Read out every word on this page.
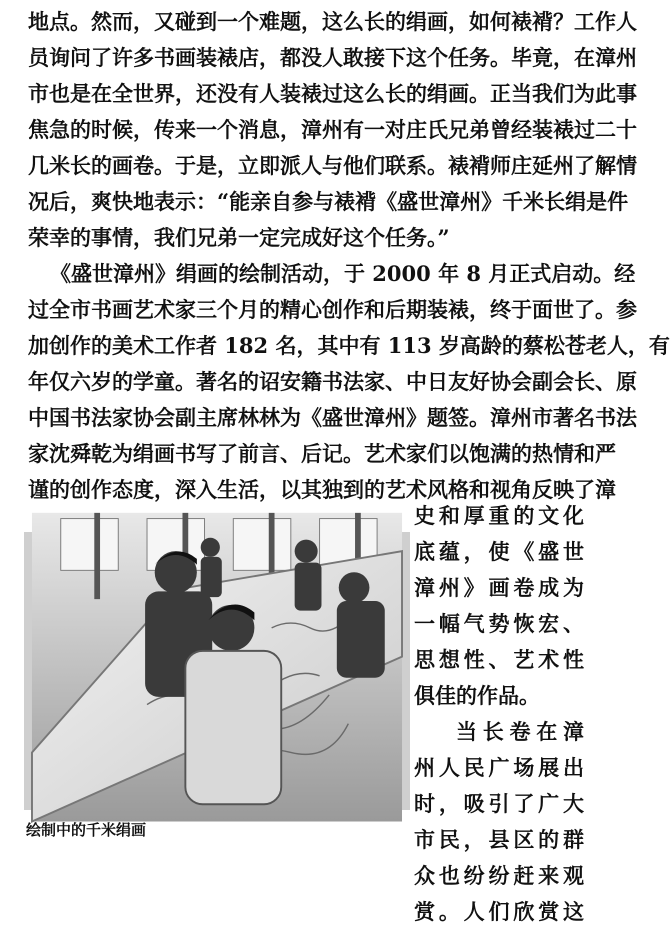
地点。然而，又碰到一个难题，这么长的绢画，如何裱褙？工作人
员询问了许多书画装裱店，都没人敢接下这个任务。毕竟，在漳州
市也是在全世界，还没有人装裱过这么长的绢画。正当我们为此事
焦急的时候，传来一个消息，漳州有一对庄氏兄弟曾经装裱过二十
几米长的画卷。于是，立即派人与他们联系。裱褙师庄延州了解情
况后，爽快地表示：“能亲自参与裱褙《盛世漳州》千米长绢是件
荣幸的事情，我们兄弟一定完成好这个任务。”
《盛世漳州》绢画的绘制活动，于 2000 年 8 月正式启动。经
过全市书画艺术家三个月的精心创作和后期装裱，终于面世了。参
加创作的美术工作者 182 名，其中有 113 岁高龄的蔡松苍老人，有
年仅六岁的学童。著名的诏安籍书法家、中日友好协会副会长、原
中国书法家协会副主席林林为《盛世漳州》题签。漳州市著名书法
家沈舜乾为绢画书写了前言、后记。艺术家们以饱满的热情和严
谨的创作态度，深入生活，以其独到的艺术风格和视角反映了漳
史和厚重的文化
底蕴，使《盛世
漳州》画卷成为
一幅气势恢宏、
思想性、艺术性
俱佳的作品。
当长卷在漳
州人民广场展出
时，吸引了广大
绘制中的千米绢画	市民，县区的群
众也纷纷赶来观
赏。人们欣赏这
